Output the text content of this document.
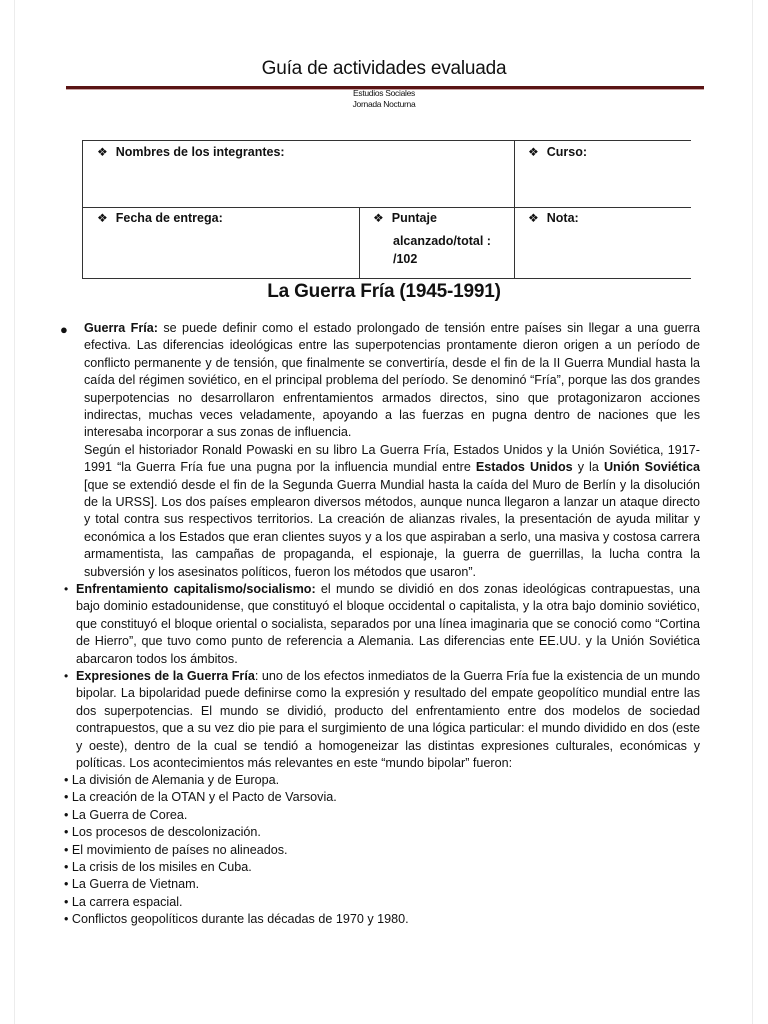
Guía de actividades evaluada
Estudios Sociales
Jornada Nocturna
❖ Nombres de los integrantes:	❖ Curso:
❖ Fecha de entrega:	❖ Puntaje
alcanzado/total :
/102
❖ Nota:
La Guerra Fría (1945-1991)
● Guerra Fría: se puede definir como el estado prolongado de tensión entre países sin llegar a una guerra efectiva. Las diferencias ideológicas entre las superpotencias prontamente dieron origen a un período de conflicto permanente y de tensión, que finalmente se convertiría, desde el fin de la II Guerra Mundial hasta la caída del régimen soviético, en el principal problema del período. Se denominó “Fría”, porque las dos grandes superpotencias no desarrollaron enfrentamientos armados directos, sino que protagonizaron acciones indirectas, muchas veces veladamente, apoyando a las fuerzas en pugna dentro de naciones que les interesaba incorporar a sus zonas de influencia.

Según el historiador Ronald Powaski en su libro La Guerra Fría, Estados Unidos y la Unión Soviética, 1917-1991 “la Guerra Fría fue una pugna por la influencia mundial entre Estados Unidos y la Unión Soviética [que se extendió desde el fin de la Segunda Guerra Mundial hasta la caída del Muro de Berlín y la disolución de la URSS]. Los dos países emplearon diversos métodos, aunque nunca llegaron a lanzar un ataque directo y total contra sus respectivos territorios. La creación de alianzas rivales, la presentación de ayuda militar y económica a los Estados que eran clientes suyos y a los que aspiraban a serlo, una masiva y costosa carrera armamentista, las campañas de propaganda, el espionaje, la guerra de guerrillas, la lucha contra la subversión y los asesinatos políticos, fueron los métodos que usaron”.

• Enfrentamiento capitalismo/socialismo: el mundo se dividió en dos zonas ideológicas contrapuestas, una bajo dominio estadounidense, que constituyó el bloque occidental o capitalista, y la otra bajo dominio soviético, que constituyó el bloque oriental o socialista, separados por una línea imaginaria que se conoció como “Cortina de Hierro”, que tuvo como punto de referencia a Alemania. Las diferencias ente EE.UU. y la Unión Soviética abarcaron todos los ámbitos.

• Expresiones de la Guerra Fría: uno de los efectos inmediatos de la Guerra Fría fue la existencia de un mundo bipolar. La bipolaridad puede definirse como la expresión y resultado del empate geopolítico mundial entre las dos superpotencias. El mundo se dividió, producto del enfrentamiento entre dos modelos de sociedad contrapuestos, que a su vez dio pie para el surgimiento de una lógica particular: el mundo dividido en dos (este y oeste), dentro de la cual se tendió a homogeneizar las distintas expresiones culturales, económicas y políticas. Los acontecimientos más relevantes en este “mundo bipolar” fueron:

• La división de Alemania y de Europa.
• La creación de la OTAN y el Pacto de Varsovia.
• La Guerra de Corea.
• Los procesos de descolonización.
• El movimiento de países no alineados.
• La crisis de los misiles en Cuba.
• La Guerra de Vietnam.
• La carrera espacial.
• Conflictos geopolíticos durante las décadas de 1970 y 1980.
